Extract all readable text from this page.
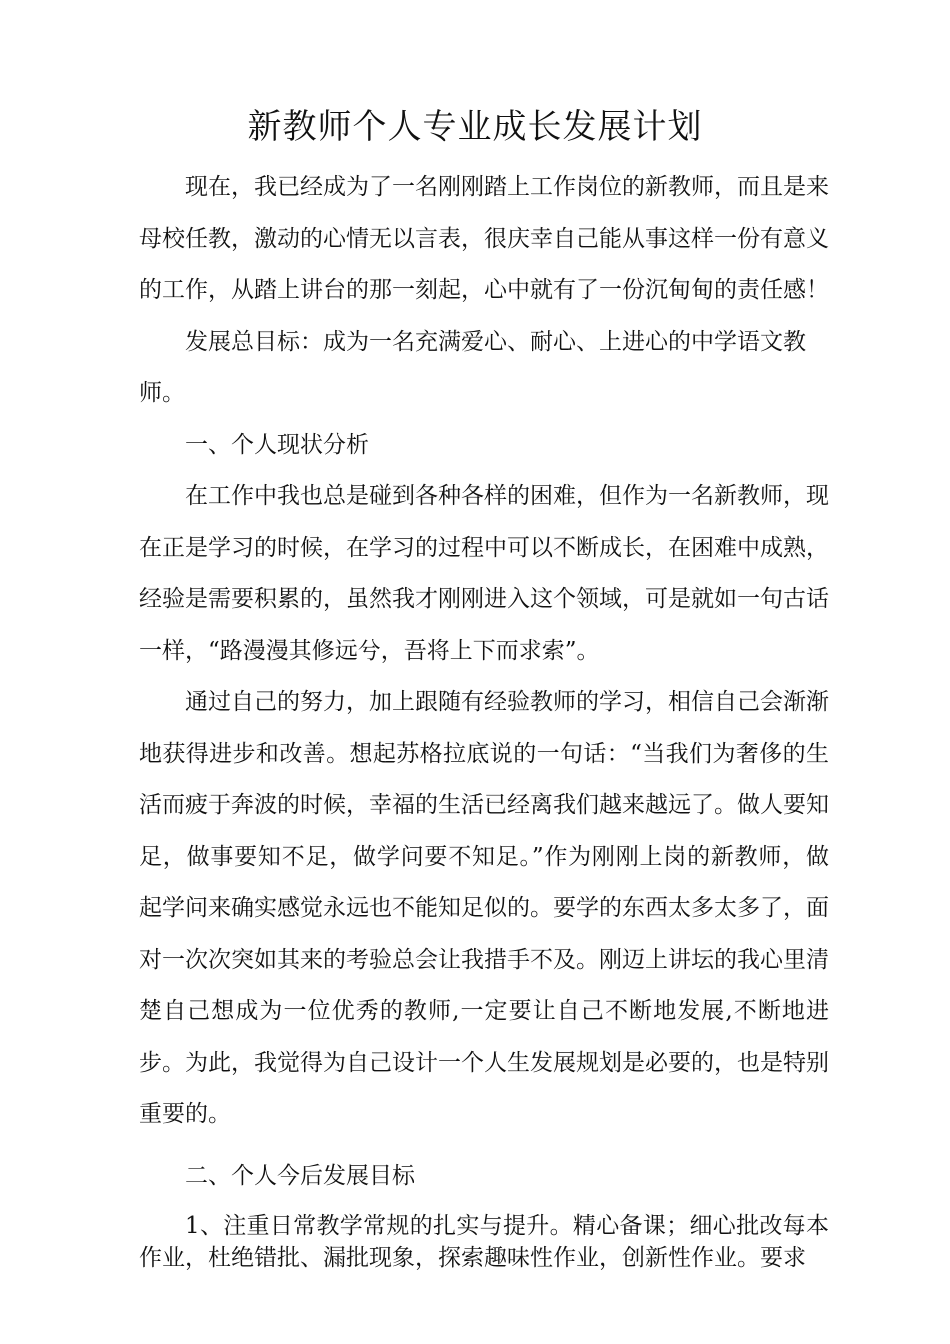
新教师个人专业成长发展计划

现在，我已经成为了一名刚刚踏上工作岗位的新教师，而且是来母校任教，激动的心情无以言表，很庆幸自己能从事这样一份有意义的工作，从踏上讲台的那一刻起，心中就有了一份沉甸甸的责任感！

发展总目标：成为一名充满爱心、耐心、上进心的中学语文教师。

一、个人现状分析

在工作中我也总是碰到各种各样的困难，但作为一名新教师，现在正是学习的时候，在学习的过程中可以不断成长，在困难中成熟，经验是需要积累的，虽然我才刚刚进入这个领域，可是就如一句古话一样，“路漫漫其修远兮，吾将上下而求索”。

通过自己的努力，加上跟随有经验教师的学习，相信自己会渐渐地获得进步和改善。想起苏格拉底说的一句话：“当我们为奢侈的生活而疲于奔波的时候，幸福的生活已经离我们越来越远了。做人要知足，做事要知不足，做学问要不知足。”作为刚刚上岗的新教师，做起学问来确实感觉永远也不能知足似的。要学的东西太多太多了，面对一次次突如其来的考验总会让我措手不及。刚迈上讲坛的我心里清楚自己想成为一位优秀的教师,一定要让自己不断地发展,不断地进步。为此，我觉得为自己设计一个人生发展规划是必要的，也是特别重要的。

二、个人今后发展目标

1、注重日常教学常规的扎实与提升。精心备课；细心批改每本作业，杜绝错批、漏批现象，探索趣味性作业，创新性作业。要求
